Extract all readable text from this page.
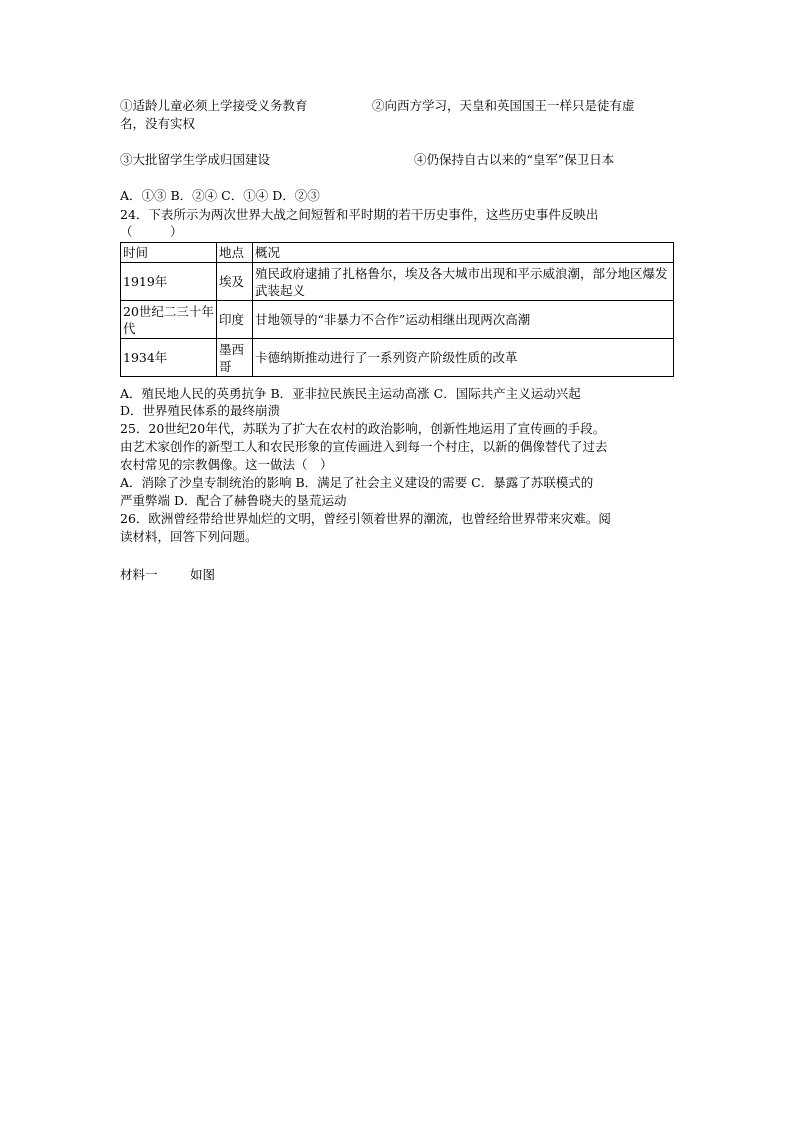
①适龄儿童必须上学接受义务教育	②向西方学习，天皇和英国国王一样只是徒有虚
名，没有实权
③大批留学生学成归国建设	④仍保持自古以来的“皇军”保卫日本
A．①③ B．②④ C．①④ D．②③
24．下表所示为两次世界大战之间短暂和平时期的若干历史事件，这些历史事件反映出
（　　　）
时间	地点	概况
1919年	埃及	殖民政府逮捕了扎格鲁尔，埃及各大城市出现和平示威浪潮，部分地区爆发武装起义
20世纪二三十年代	印度	甘地领导的“非暴力不合作”运动相继出现两次高潮
1934年	墨西哥	卡德纳斯推动进行了一系列资产阶级性质的改革
A．殖民地人民的英勇抗争 B．亚非拉民族民主运动高涨 C．国际共产主义运动兴起
D．世界殖民体系的最终崩溃
25．20世纪20年代，苏联为了扩大在农村的政治影响，创新性地运用了宣传画的手段。
由艺术家创作的新型工人和农民形象的宣传画进入到每一个村庄，以新的偶像替代了过去
农村常见的宗教偶像。这一做法（　）
A．消除了沙皇专制统治的影响 B．满足了社会主义建设的需要 C．暴露了苏联模式的
严重弊端 D．配合了赫鲁晓夫的垦荒运动
26．欧洲曾经带给世界灿烂的文明，曾经引领着世界的潮流，也曾经给世界带来灾难。阅
读材料，回答下列问题。
材料一	如图
